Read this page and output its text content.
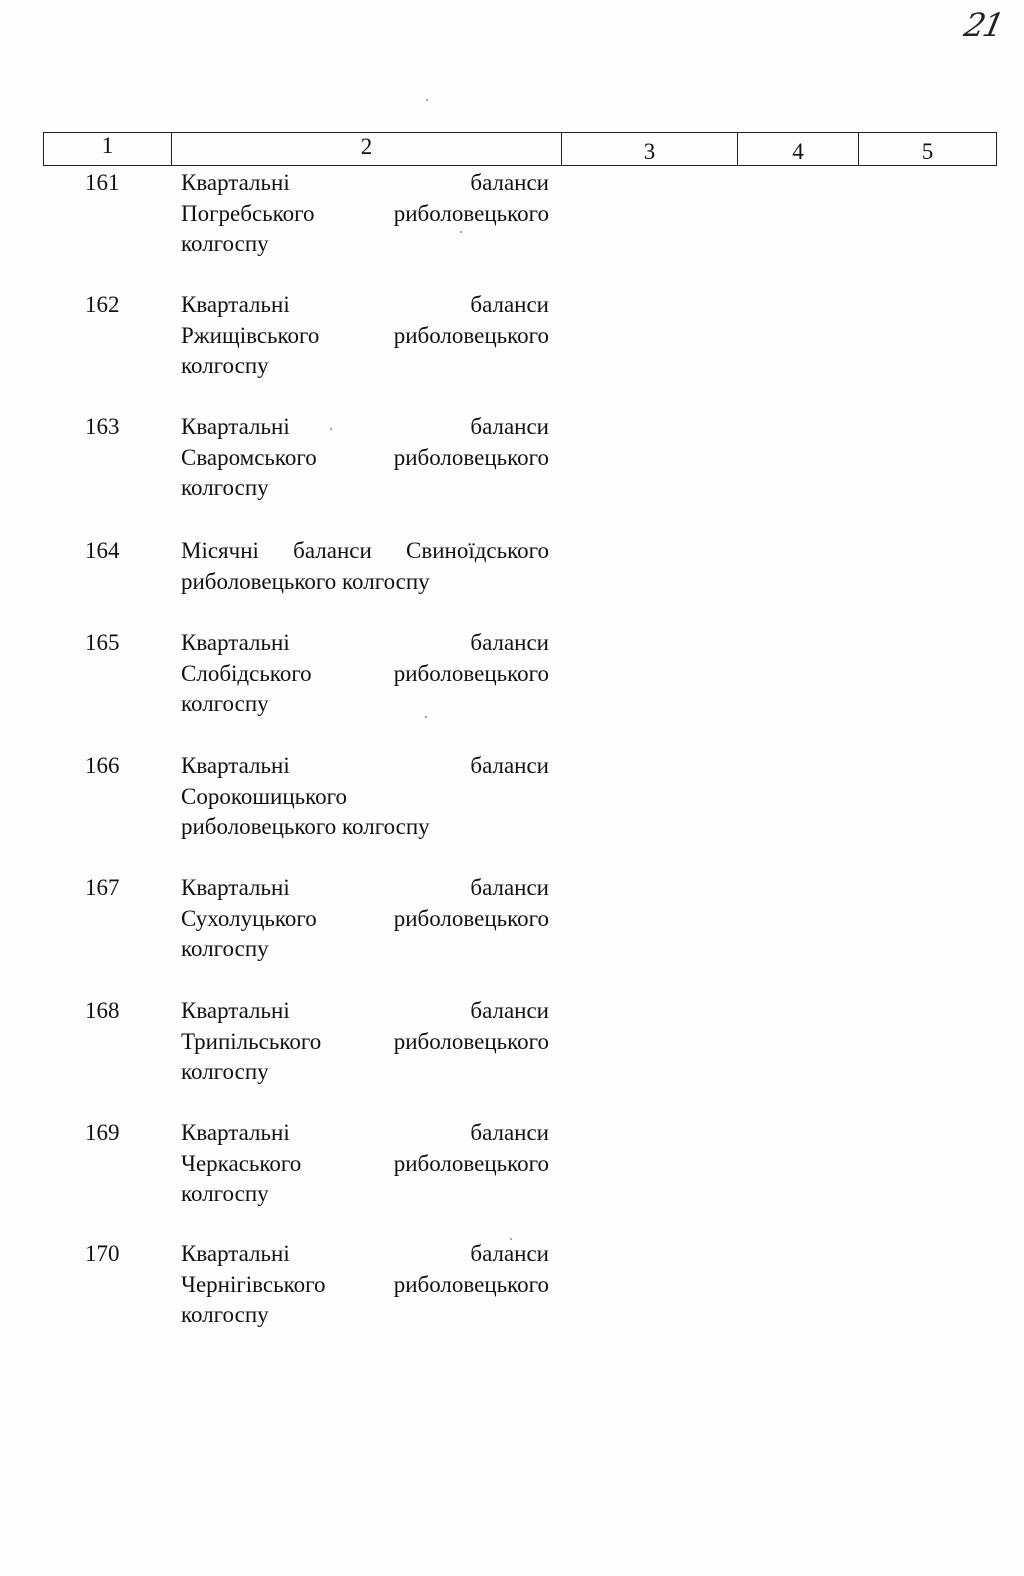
21
1	2	3	4	5
161	Квартальні баланси
Погребського риболовецького
колгоспу
162	Квартальні баланси
Ржищівського риболовецького
колгоспу
163	Квартальні баланси
Сваромського риболовецького
колгоспу
164	Місячні баланси Свиноїдського
риболовецького колгоспу
165	Квартальні баланси
Слобідського риболовецького
колгоспу
166	Квартальні баланси
Сорокошицького
риболовецького колгоспу
167	Квартальні баланси
Сухолуцького риболовецького
колгоспу
168	Квартальні баланси
Трипільського риболовецького
колгоспу
169	Квартальні баланси
Черкаського риболовецького
колгоспу
170	Квартальні баланси
Чернігівського риболовецького
колгоспу
